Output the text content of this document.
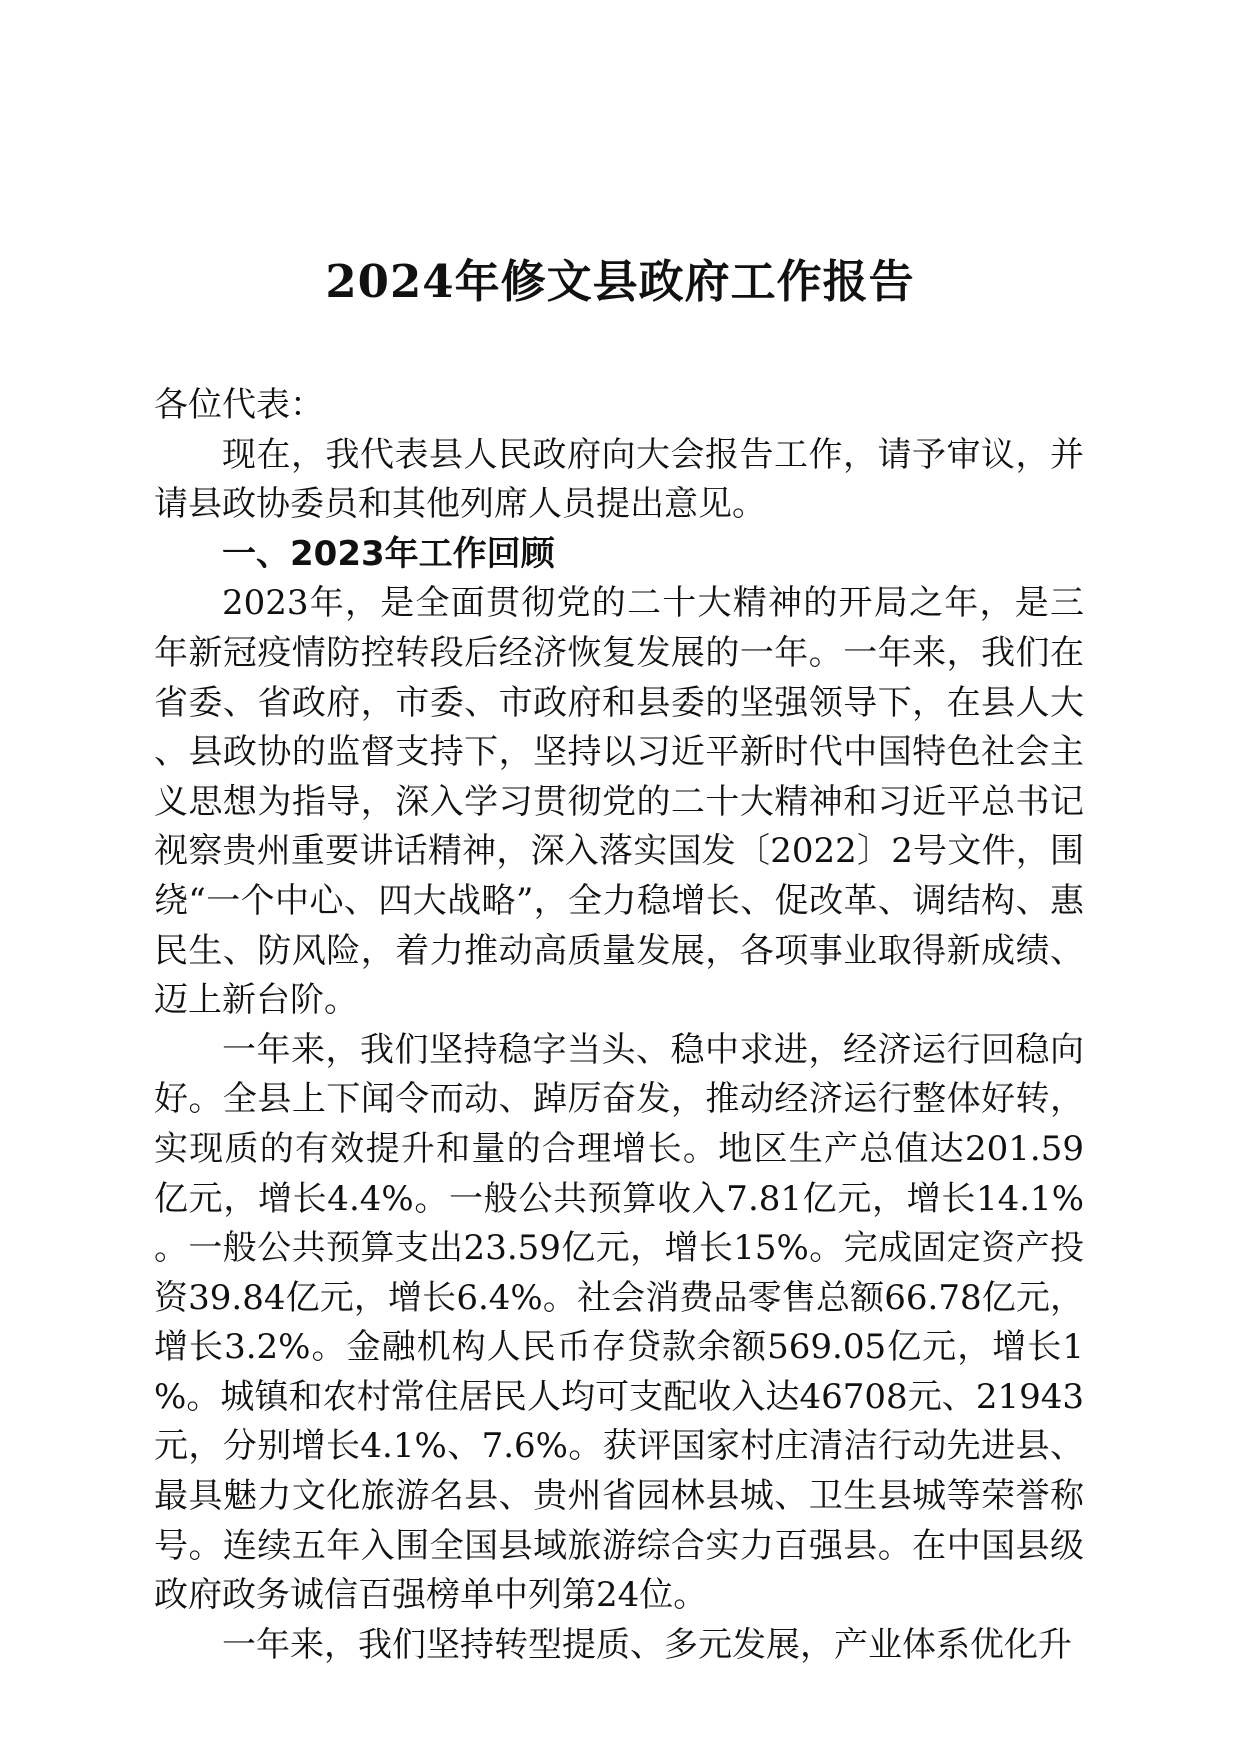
2024年修文县政府工作报告

各位代表：

现在，我代表县人民政府向大会报告工作，请予审议，并请县政协委员和其他列席人员提出意见。

一、2023年工作回顾

2023年，是全面贯彻党的二十大精神的开局之年，是三年新冠疫情防控转段后经济恢复发展的一年。一年来，我们在省委、省政府，市委、市政府和县委的坚强领导下，在县人大、县政协的监督支持下，坚持以习近平新时代中国特色社会主义思想为指导，深入学习贯彻党的二十大精神和习近平总书记视察贵州重要讲话精神，深入落实国发〔2022〕2号文件，围绕“一个中心、四大战略”，全力稳增长、促改革、调结构、惠民生、防风险，着力推动高质量发展，各项事业取得新成绩、迈上新台阶。

一年来，我们坚持稳字当头、稳中求进，经济运行回稳向好。全县上下闻令而动、踔厉奋发，推动经济运行整体好转，实现质的有效提升和量的合理增长。地区生产总值达201.59亿元，增长4.4%。一般公共预算收入7.81亿元，增长14.1%。一般公共预算支出23.59亿元，增长15%。完成固定资产投资39.84亿元，增长6.4%。社会消费品零售总额66.78亿元，增长3.2%。金融机构人民币存贷款余额569.05亿元，增长1%。城镇和农村常住居民人均可支配收入达46708元、21943元，分别增长4.1%、7.6%。获评国家村庄清洁行动先进县、最具魅力文化旅游名县、贵州省园林县城、卫生县城等荣誉称号。连续五年入围全国县域旅游综合实力百强县。在中国县级政府政务诚信百强榜单中列第24位。

一年来，我们坚持转型提质、多元发展，产业体系优化升
